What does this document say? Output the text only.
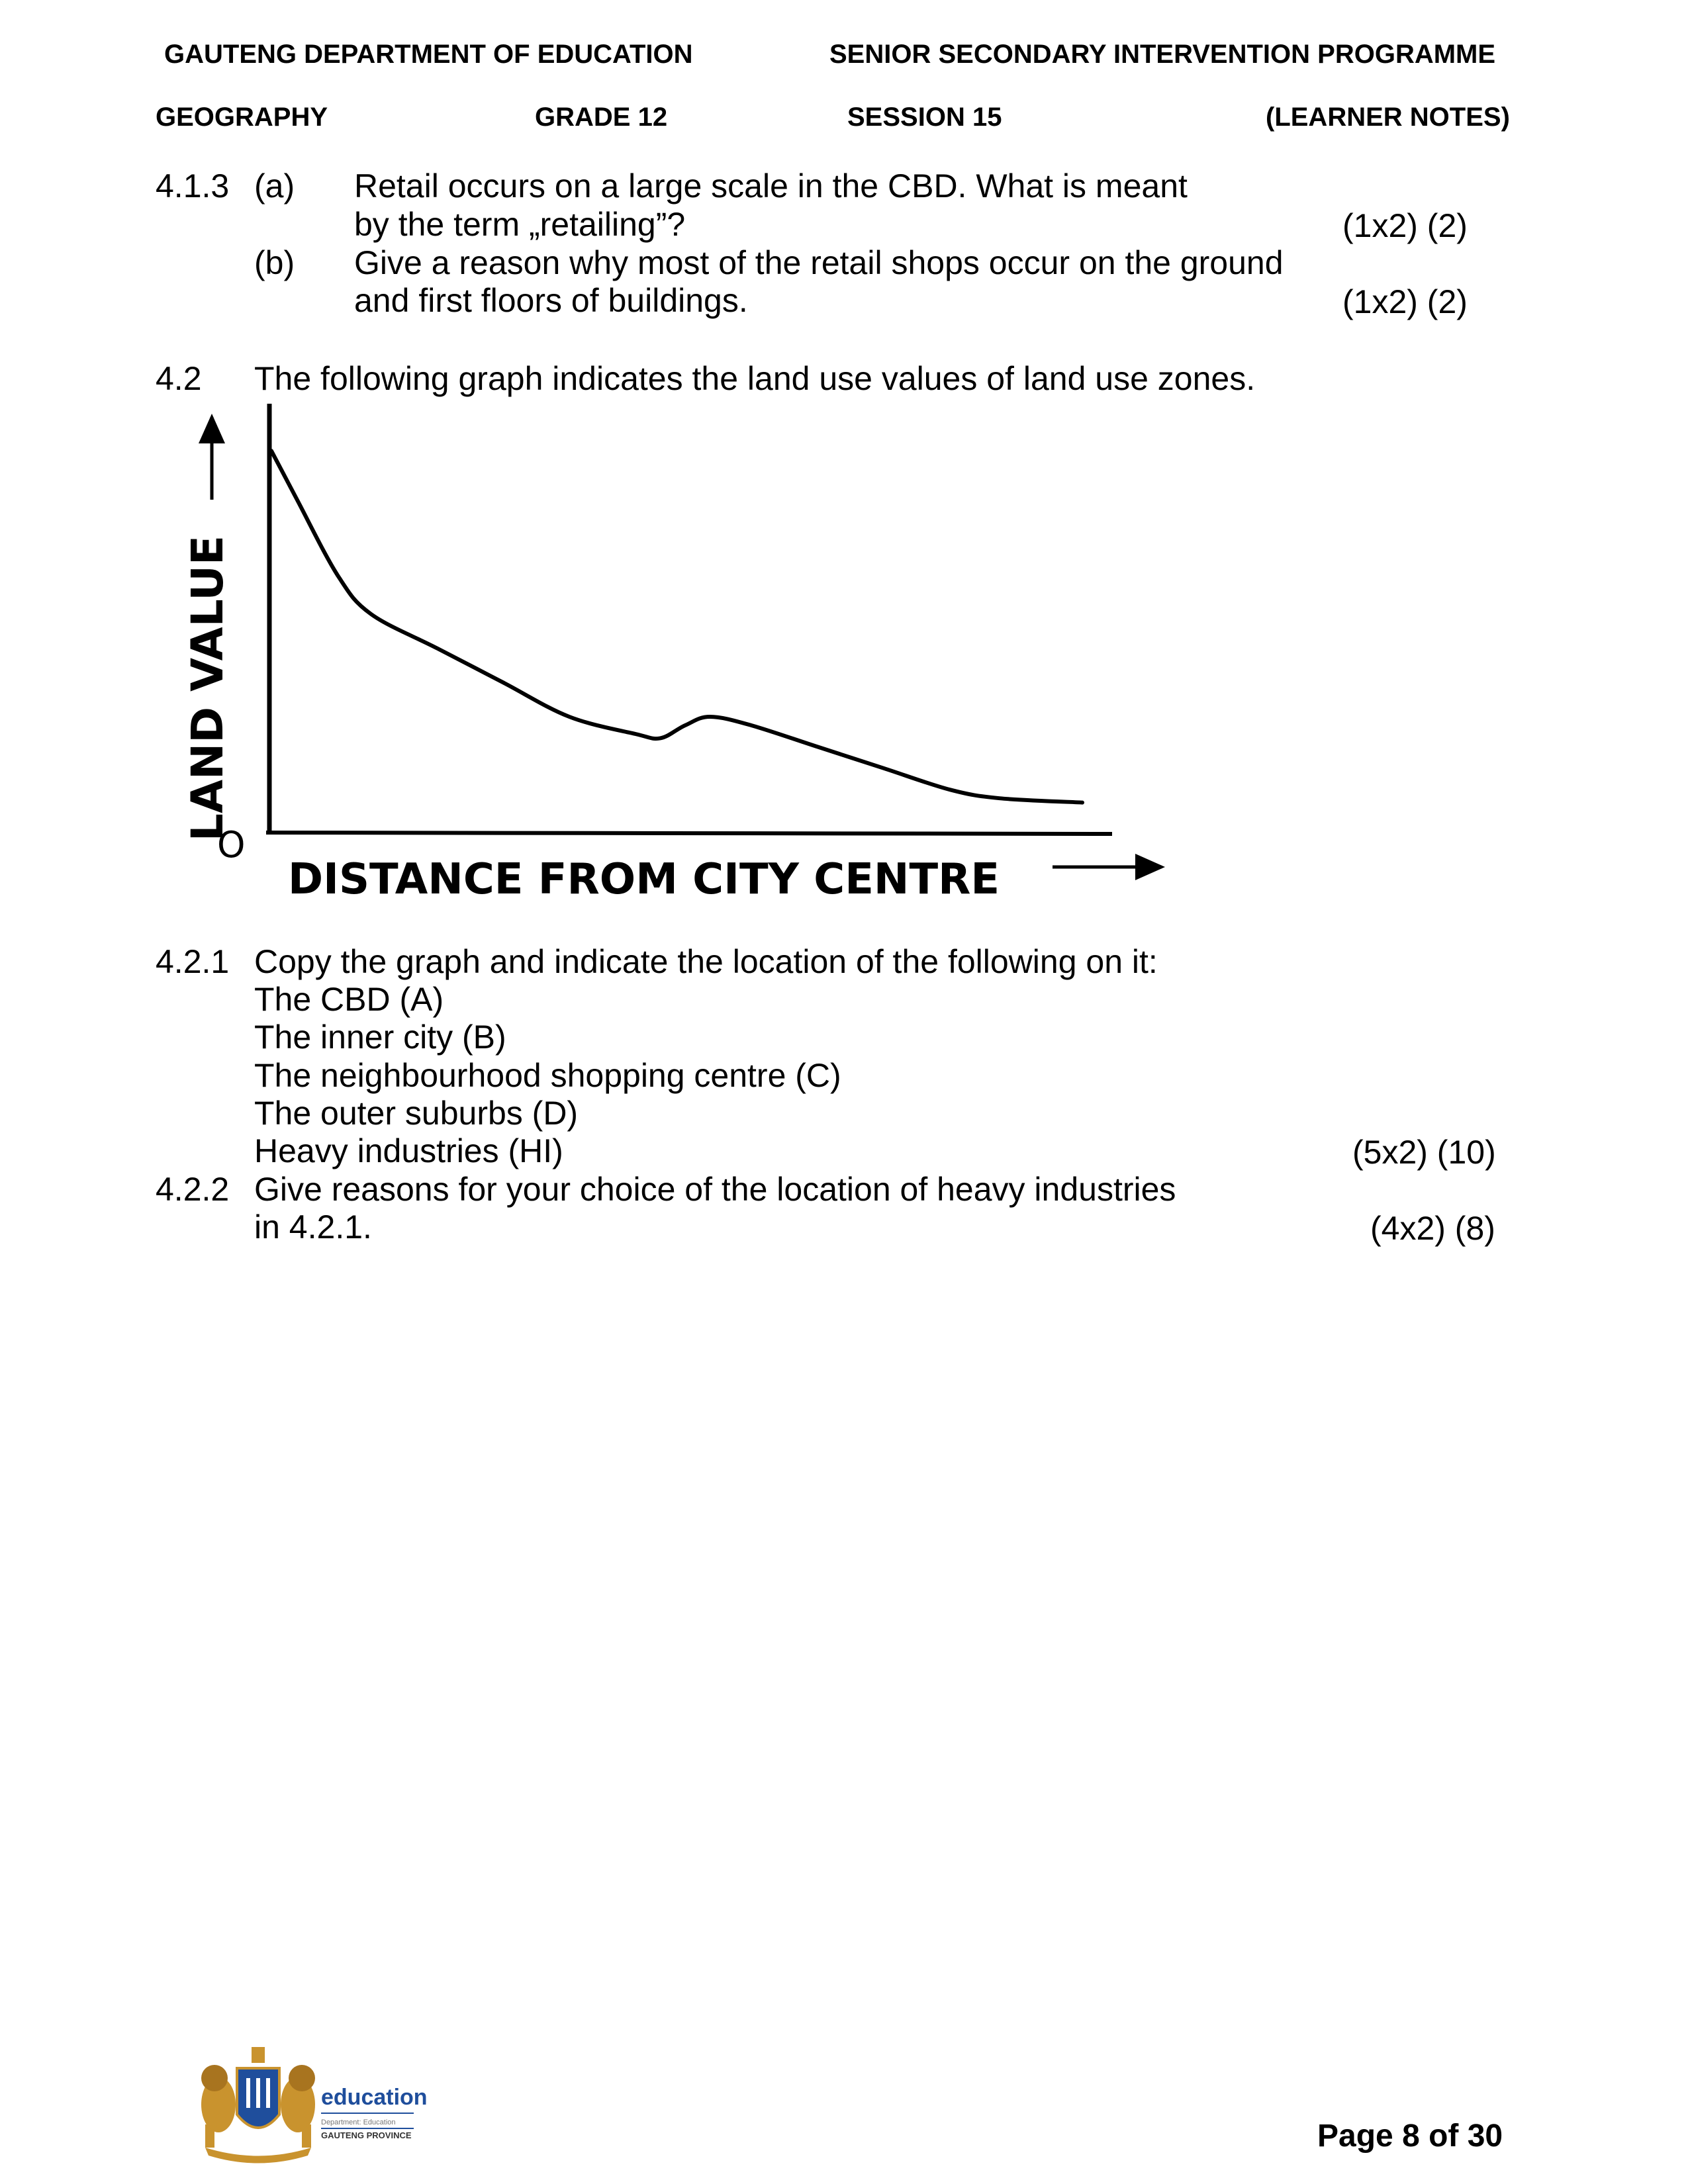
GAUTENG DEPARTMENT OF EDUCATION	SENIOR SECONDARY INTERVENTION PROGRAMME
GEOGRAPHY	GRADE 12	SESSION 15	(LEARNER NOTES)
4.1.3 (a) Retail occurs on a large scale in the CBD. What is meant
by the term „retailing”?	(1x2) (2)
(b) Give a reason why most of the retail shops occur on the ground
and first floors of buildings.	(1x2) (2)
4.2 The following graph indicates the land use values of land use zones.
O
LAND VALUE
DISTANCE FROM CITY CENTRE
4.2.1 Copy the graph and indicate the location of the following on it:
The CBD (A)
The inner city (B)
The neighbourhood shopping centre (C)
The outer suburbs (D)
Heavy industries (HI)	(5x2) (10)
4.2.2 Give reasons for your choice of the location of heavy industries
in 4.2.1.	(4x2) (8)
education
Department: Education
GAUTENG PROVINCE	Page 8 of 30
